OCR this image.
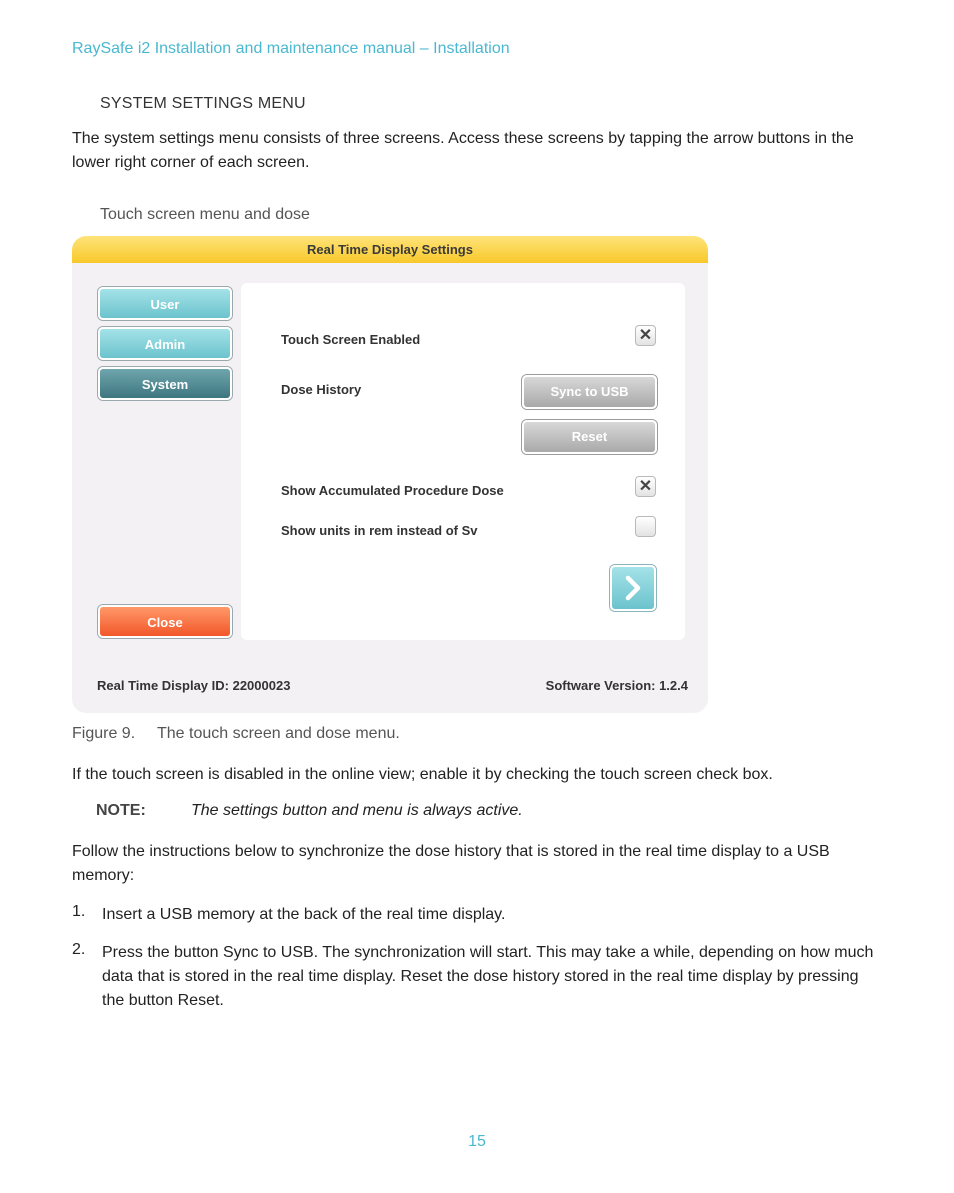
RaySafe i2 Installation and maintenance manual – Installation
SYSTEM SETTINGS MENU
The system settings menu consists of three screens. Access these screens by tapping the arrow buttons in the lower right corner of each screen.
Touch screen menu and dose
Real Time Display Settings
User
Admin
System
Close
Touch Screen Enabled	✕
Dose History	Sync to USB
Reset
Show Accumulated Procedure Dose	✕
Show units in rem instead of Sv
Real Time Display ID: 22000023	Software Version: 1.2.4
Figure 9. The touch screen and dose menu.
If the touch screen is disabled in the online view; enable it by checking the touch screen check box.
NOTE:	The settings button and menu is always active.
Follow the instructions below to synchronize the dose history that is stored in the real time display to a USB memory:
1. Insert a USB memory at the back of the real time display.
2. Press the button Sync to USB. The synchronization will start. This may take a while, depending on how much data that is stored in the real time display. Reset the dose history stored in the real time display by pressing the button Reset.
15
